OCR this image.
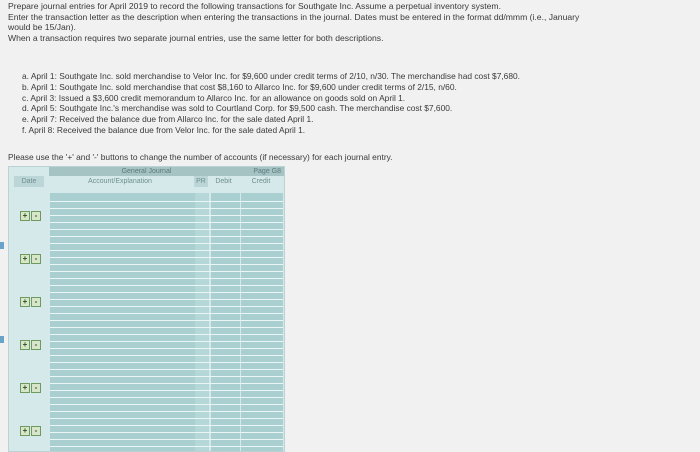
Prepare journal entries for April 2019 to record the following transactions for Southgate Inc. Assume a perpetual inventory system.

Enter the transaction letter as the description when entering the transactions in the journal. Dates must be entered in the format dd/mmm (i.e., January

would be 15/Jan).

When a transaction requires two separate journal entries, use the same letter for both descriptions.

a. April 1: Southgate Inc. sold merchandise to Velor Inc. for $9,600 under credit terms of 2/10, n/30. The merchandise had cost $7,680.

b. April 1: Southgate Inc. sold merchandise that cost $8,160 to Allarco Inc. for $9,600 under credit terms of 2/15, n/60.

c. April 3: Issued a $3,600 credit memorandum to Allarco Inc. for an allowance on goods sold on April 1.

d. April 5: Southgate Inc.'s merchandise was sold to Courtland Corp. for $9,500 cash. The merchandise cost $7,600.

e. April 7: Received the balance due from Allarco Inc. for the sale dated April 1.

f. April 8: Received the balance due from Velor Inc. for the sale dated April 1.

Please use the '+' and '-' buttons to change the number of accounts (if necessary) for each journal entry.
General Journal	Page G8
Date	Account/Explanation	PR	Debit	Credit
+ -
+ -
+ -
+ -
+ -
+ -
